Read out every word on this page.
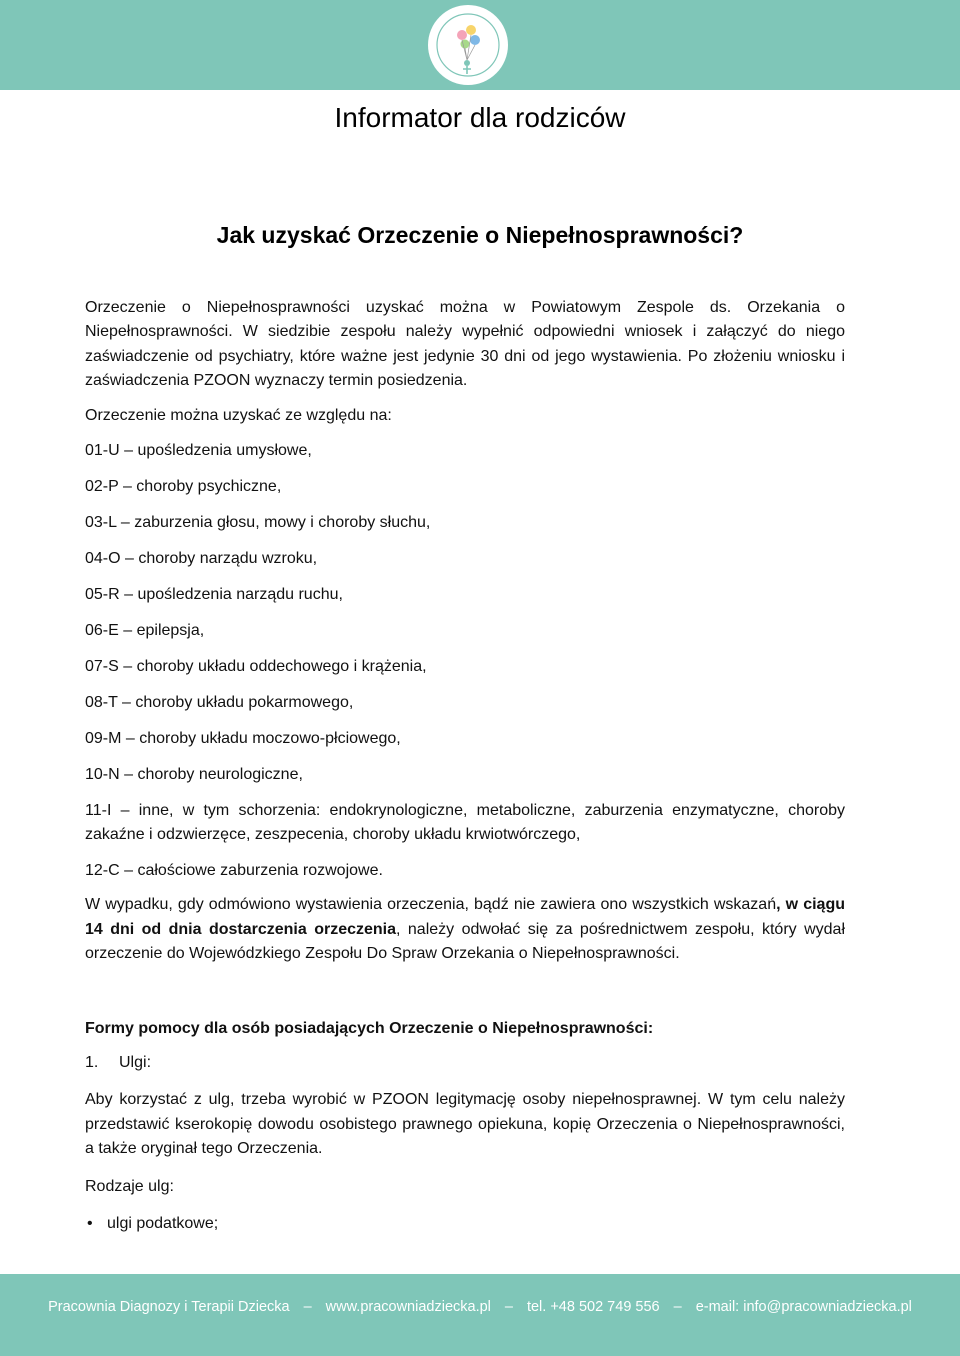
Informator dla rodziców
Jak uzyskać Orzeczenie o Niepełnosprawności?

Orzeczenie o Niepełnosprawności uzyskać można w Powiatowym Zespole ds. Orzekania o Niepełnosprawności. W siedzibie zespołu należy wypełnić odpowiedni wniosek i załączyć do niego zaświadczenie od psychiatry, które ważne jest jedynie 30 dni od jego wystawienia. Po złożeniu wniosku i zaświadczenia PZOON wyznaczy termin posiedzenia.

Orzeczenie można uzyskać ze względu na:

01-U – upośledzenia umysłowe,
02-P – choroby psychiczne,
03-L – zaburzenia głosu, mowy i choroby słuchu,
04-O – choroby narządu wzroku,
05-R – upośledzenia narządu ruchu,
06-E – epilepsja,
07-S – choroby układu oddechowego i krążenia,
08-T – choroby układu pokarmowego,
09-M – choroby układu moczowo-płciowego,
10-N – choroby neurologiczne,
11-I – inne, w tym schorzenia: endokrynologiczne, metaboliczne, zaburzenia enzymatyczne, choroby zakaźne i odzwierzęce, zeszpecenia, choroby układu krwiotwórczego,
12-C – całościowe zaburzenia rozwojowe.

W wypadku, gdy odmówiono wystawienia orzeczenia, bądź nie zawiera ono wszystkich wskazań, w ciągu 14 dni od dnia dostarczenia orzeczenia, należy odwołać się za pośrednictwem zespołu, który wydał orzeczenie do Wojewódzkiego Zespołu Do Spraw Orzekania o Niepełnosprawności.

Formy pomocy dla osób posiadających Orzeczenie o Niepełnosprawności:

1. Ulgi:

Aby korzystać z ulg, trzeba wyrobić w PZOON legitymację osoby niepełnosprawnej. W tym celu należy przedstawić kserokopię dowodu osobistego prawnego opiekuna, kopię Orzeczenia o Niepełnosprawności, a także oryginał tego Orzeczenia.

Rodzaje ulg:

• ulgi podatkowe;

Pracownia Diagnozy i Terapii Dziecka – www.pracowniadziecka.pl – tel. +48 502 749 556 – e-mail: info@pracowniadziecka.pl
